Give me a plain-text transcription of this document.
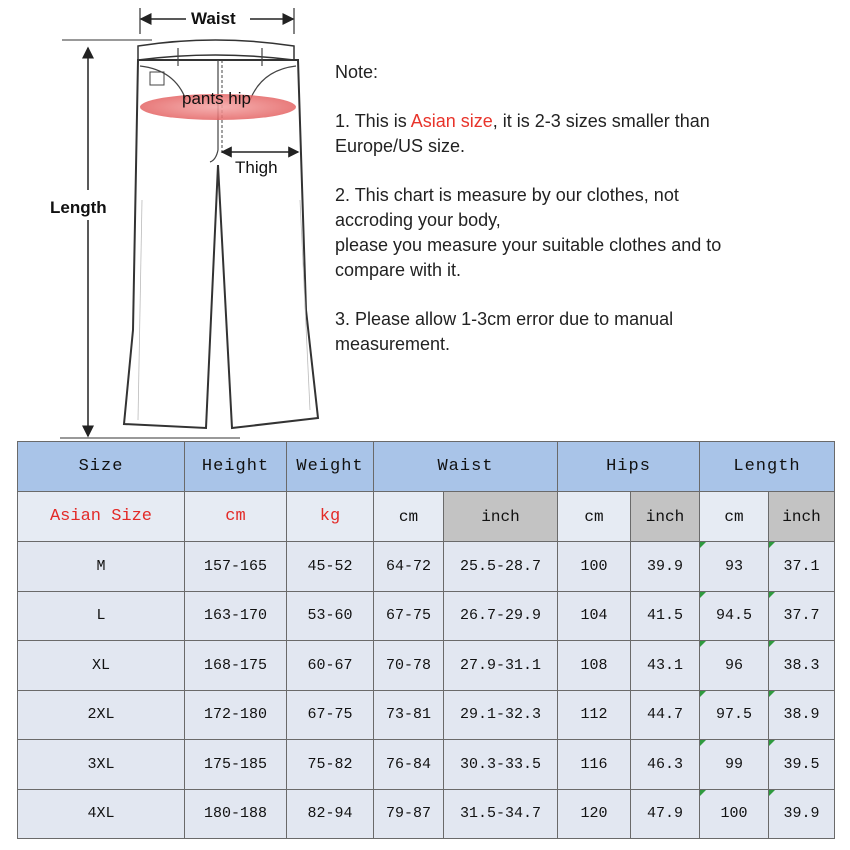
Waist
pants hip
Thigh
Length

Note:

1. This is Asian size, it is 2-3 sizes smaller than
Europe/US size.

2. This chart is measure by our clothes, not
accroding your body,
please you measure your suitable clothes and to
compare with it.

3. Please allow 1-3cm error due to manual
measurement.

Size	Height	Weight	Waist		Hips		Length	
Asian Size	cm	kg	cm	inch	cm	inch	cm	inch
M	157-165	45-52	64-72	25.5-28.7	100	39.9	93	37.1
L	163-170	53-60	67-75	26.7-29.9	104	41.5	94.5	37.7
XL	168-175	60-67	70-78	27.9-31.1	108	43.1	96	38.3
2XL	172-180	67-75	73-81	29.1-32.3	112	44.7	97.5	38.9
3XL	175-185	75-82	76-84	30.3-33.5	116	46.3	99	39.5
4XL	180-188	82-94	79-87	31.5-34.7	120	47.9	100	39.9
